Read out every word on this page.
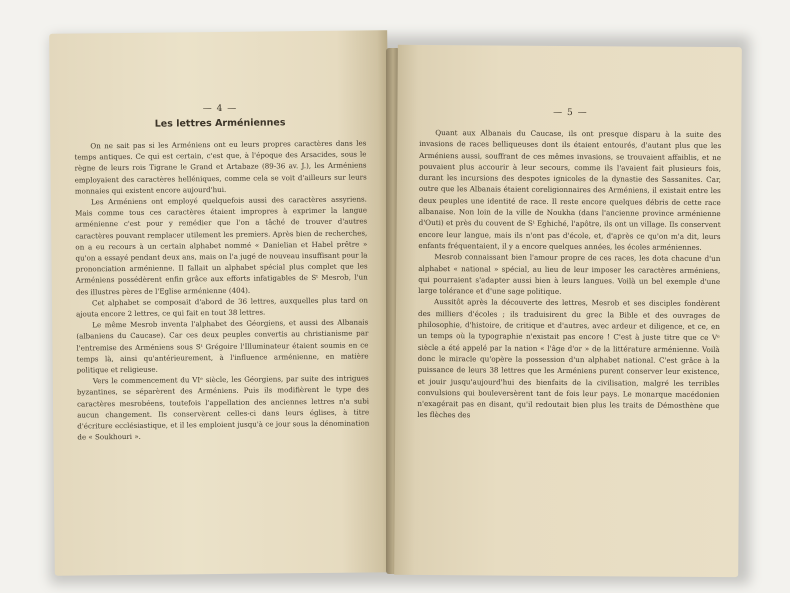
— 4 —
Les lettres Arméniennes

On ne sait pas si les Arméniens ont eu leurs propres caractères dans les temps antiques. Ce qui est certain, c'est que, à l'époque des Arsacides, sous le règne de leurs rois Tigrane le Grand et Artabaze (89-36 av. J.), les Arméniens employaient des caractères helléniques, comme cela se voit d'ailleurs sur leurs monnaies qui existent encore aujourd'hui.

Les Arméniens ont employé quelquefois aussi des caractères assyriens. Mais comme tous ces caractères étaient impropres à exprimer la langue arménienne c'est pour y remédier que l'on a tâché de trouver d'autres caractères pouvant remplacer utilement les premiers. Après bien de recherches, on a eu recours à un certain alphabet nommé « Danielian et Habel prêtre » qu'on a essayé pendant deux ans, mais on l'a jugé de nouveau insuffisant pour la prononciation arménienne. Il fallait un alphabet spécial plus complet que les Arméniens possédèrent enfin grâce aux efforts infatigables de Sᵗ Mesrob, l'un des illustres pères de l'Eglise arménienne (404).

Cet alphabet se composait d'abord de 36 lettres, auxquelles plus tard on ajouta encore 2 lettres, ce qui fait en tout 38 lettres.

Le même Mesrob inventa l'alphabet des Géorgiens, et aussi des Albanais (albaniens du Caucase). Car ces deux peuples convertis au christianisme par l'entremise des Arméniens sous Sᵗ Grégoire l'Illuminateur étaient soumis en ce temps là, ainsi qu'antérieurement, à l'influence arménienne, en matière politique et religieuse.

Vers le commencement du VIᵉ siècle, les Géorgiens, par suite des intrigues byzantines, se séparèrent des Arméniens. Puis ils modifièrent le type des caractères mesrobéens, toutefois l'appellation des anciennes lettres n'a subi aucun changement. Ils conservèrent celles-ci dans leurs églises, à titre d'écriture ecclésiastique, et il les emploient jusqu'à ce jour sous la dénomination de « Soukhouri ».

— 5 —

Quant aux Albanais du Caucase, ils ont presque disparu à la suite des invasions de races belliqueuses dont ils étaient entourés, d'autant plus que les Arméniens aussi, souffrant de ces mêmes invasions, se trouvaient affaiblis, et ne pouvaient plus accourir à leur secours, comme ils l'avaient fait plusieurs fois, durant les incursions des despotes ignicoles de la dynastie des Sassanites. Car, outre que les Albanais étaient coreligionnaires des Arméniens, il existait entre les deux peuples une identité de race. Il reste encore quelques débris de cette race albanaise. Non loin de la ville de Noukha (dans l'ancienne province arménienne d'Outi) et près du couvent de Sᵗ Eghiché, l'apôtre, ils ont un village. Ils conservent encore leur langue, mais ils n'ont pas d'école, et, d'après ce qu'on m'a dit, leurs enfants fréquentaient, il y a encore quelques années, les écoles arméniennes.

Mesrob connaissant bien l'amour propre de ces races, les dota chacune d'un alphabet « national » spécial, au lieu de leur imposer les caractères arméniens, qui pourraient s'adapter aussi bien à leurs langues. Voilà un bel exemple d'une large tolérance et d'une sage politique.

Aussitôt après la découverte des lettres, Mesrob et ses disciples fondèrent des milliers d'écoles ; ils traduisirent du grec la Bible et des ouvrages de philosophie, d'histoire, de critique et d'autres, avec ardeur et diligence, et ce, en un temps où la typographie n'existait pas encore ! C'est à juste titre que ce Vᵉ siècle a été appelé par la nation « l'âge d'or » de la littérature arménienne. Voilà donc le miracle qu'opère la possession d'un alphabet national. C'est grâce à la puissance de leurs 38 lettres que les Arméniens purent conserver leur existence, et jouir jusqu'aujourd'hui des bienfaits de la civilisation, malgré les terribles convulsions qui bouleversèrent tant de fois leur pays. Le monarque macédonien n'exagérait pas en disant, qu'il redoutait bien plus les traits de Démosthène que les flèches des
